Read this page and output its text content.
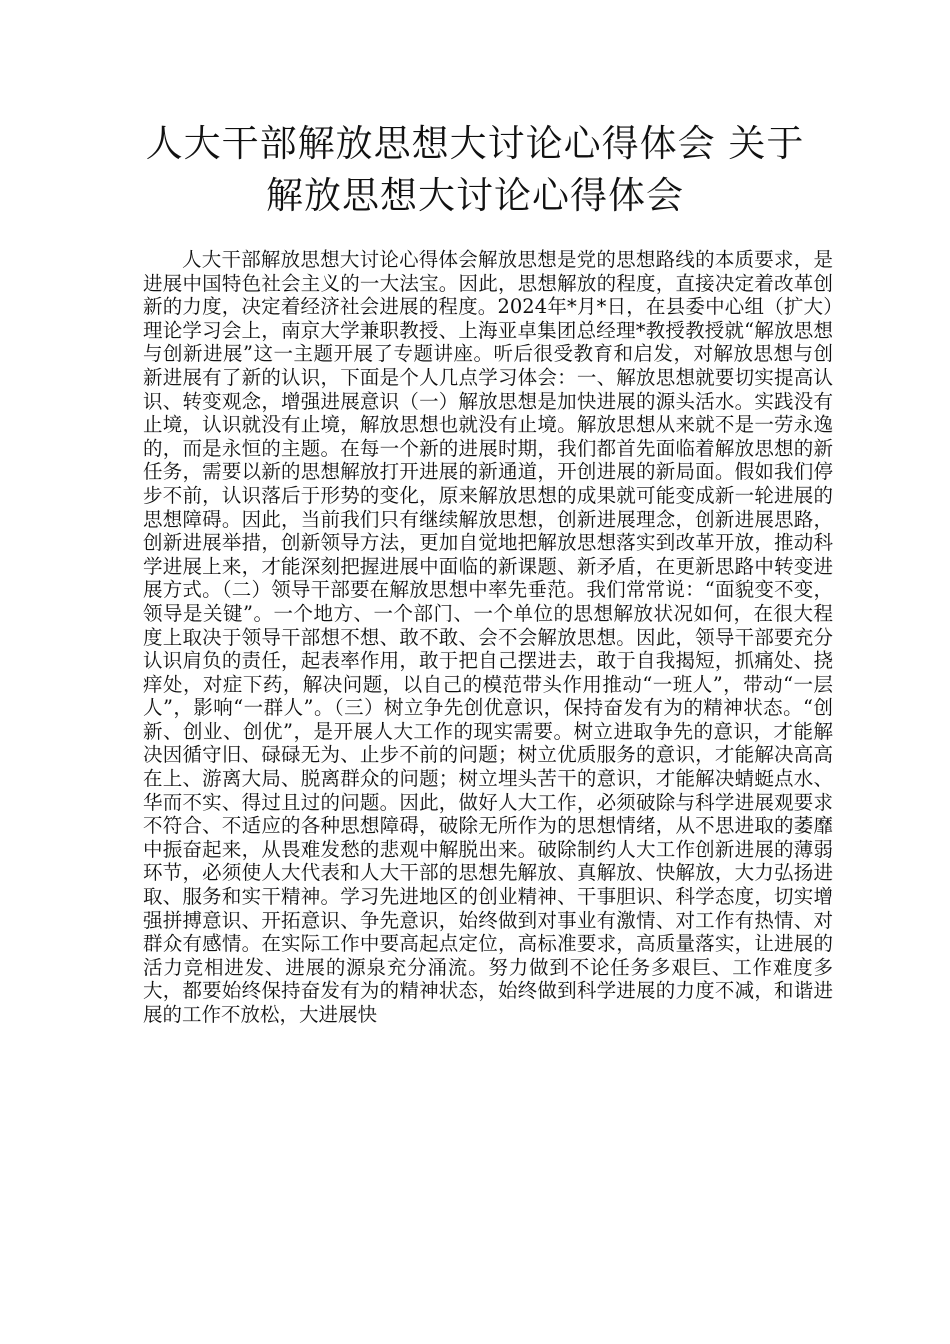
人大干部解放思想大讨论心得体会 关于解放思想大讨论心得体会

人大干部解放思想大讨论心得体会解放思想是党的思想路线的本质要求，是进展中国特色社会主义的一大法宝。因此，思想解放的程度，直接决定着改革创新的力度，决定着经济社会进展的程度。2024年*月*日，在县委中心组（扩大）理论学习会上，南京大学兼职教授、上海亚卓集团总经理*教授教授就“解放思想与创新进展”这一主题开展了专题讲座。听后很受教育和启发，对解放思想与创新进展有了新的认识，下面是个人几点学习体会：一、解放思想就要切实提高认识、转变观念，增强进展意识（一）解放思想是加快进展的源头活水。实践没有止境，认识就没有止境，解放思想也就没有止境。解放思想从来就不是一劳永逸的，而是永恒的主题。在每一个新的进展时期，我们都首先面临着解放思想的新任务，需要以新的思想解放打开进展的新通道，开创进展的新局面。假如我们停步不前，认识落后于形势的变化，原来解放思想的成果就可能变成新一轮进展的思想障碍。因此，当前我们只有继续解放思想，创新进展理念，创新进展思路，创新进展举措，创新领导方法，更加自觉地把解放思想落实到改革开放，推动科学进展上来，才能深刻把握进展中面临的新课题、新矛盾，在更新思路中转变进展方式。（二）领导干部要在解放思想中率先垂范。我们常常说：“面貌变不变，领导是关键”。一个地方、一个部门、一个单位的思想解放状况如何，在很大程度上取决于领导干部想不想、敢不敢、会不会解放思想。因此，领导干部要充分认识肩负的责任，起表率作用，敢于把自己摆进去，敢于自我揭短，抓痛处、挠痒处，对症下药，解决问题，以自己的模范带头作用推动“一班人”，带动“一层人”，影响“一群人”。（三）树立争先创优意识，保持奋发有为的精神状态。“创新、创业、创优”，是开展人大工作的现实需要。树立进取争先的意识，才能解决因循守旧、碌碌无为、止步不前的问题；树立优质服务的意识，才能解决高高在上、游离大局、脱离群众的问题；树立埋头苦干的意识，才能解决蜻蜓点水、华而不实、得过且过的问题。因此，做好人大工作，必须破除与科学进展观要求不符合、不适应的各种思想障碍，破除无所作为的思想情绪，从不思进取的萎靡中振奋起来，从畏难发愁的悲观中解脱出来。破除制约人大工作创新进展的薄弱环节，必须使人大代表和人大干部的思想先解放、真解放、快解放，大力弘扬进取、服务和实干精神。学习先进地区的创业精神、干事胆识、科学态度，切实增强拼搏意识、开拓意识、争先意识，始终做到对事业有激情、对工作有热情、对群众有感情。在实际工作中要高起点定位，高标准要求，高质量落实，让进展的活力竞相进发、进展的源泉充分涌流。努力做到不论任务多艰巨、工作难度多大，都要始终保持奋发有为的精神状态，始终做到科学进展的力度不减，和谐进展的工作不放松，大进展快
